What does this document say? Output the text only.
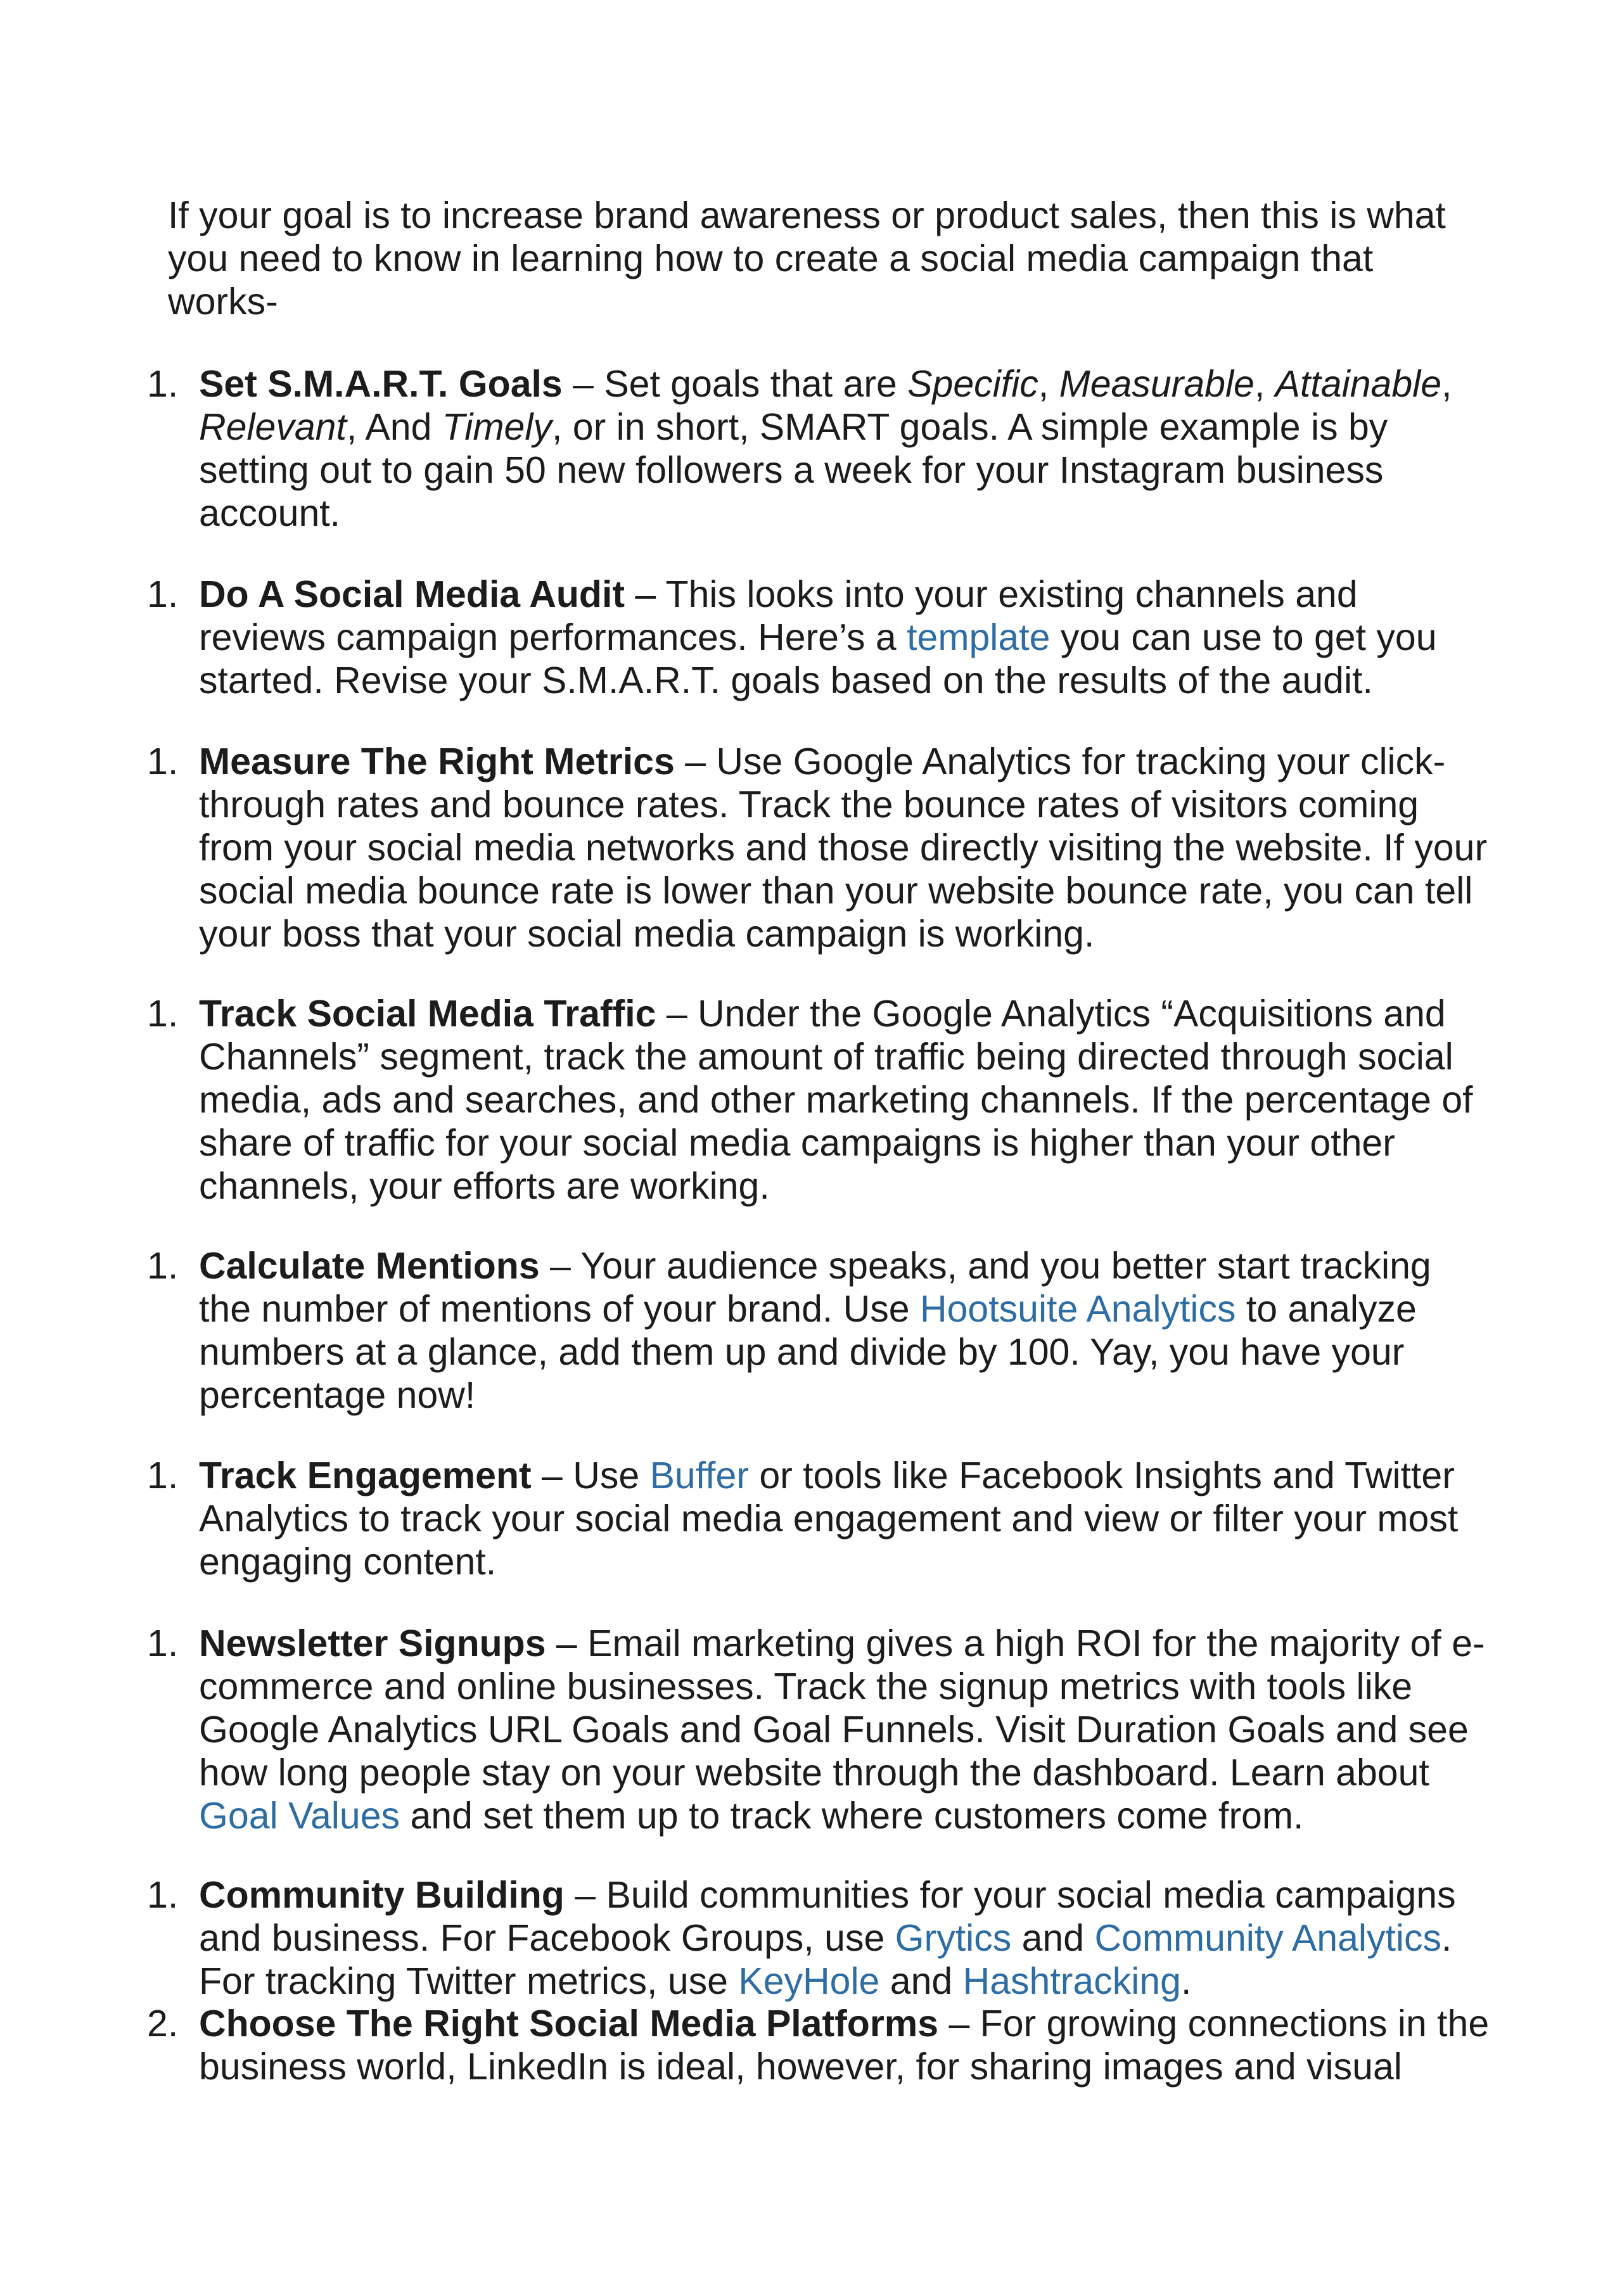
If your goal is to increase brand awareness or product sales, then this is what
you need to know in learning how to create a social media campaign that
works-

1. Set S.M.A.R.T. Goals – Set goals that are Specific, Measurable, Attainable, Relevant, And Timely, or in short, SMART goals. A simple example is by setting out to gain 50 new followers a week for your Instagram business account.
1. Do A Social Media Audit – This looks into your existing channels and reviews campaign performances. Here’s a template you can use to get you started. Revise your S.M.A.R.T. goals based on the results of the audit.
1. Measure The Right Metrics – Use Google Analytics for tracking your click-through rates and bounce rates. Track the bounce rates of visitors coming from your social media networks and those directly visiting the website. If your social media bounce rate is lower than your website bounce rate, you can tell your boss that your social media campaign is working.
1. Track Social Media Traffic – Under the Google Analytics “Acquisitions and Channels” segment, track the amount of traffic being directed through social media, ads and searches, and other marketing channels. If the percentage of share of traffic for your social media campaigns is higher than your other channels, your efforts are working.
1. Calculate Mentions – Your audience speaks, and you better start tracking the number of mentions of your brand. Use Hootsuite Analytics to analyze numbers at a glance, add them up and divide by 100. Yay, you have your percentage now!
1. Track Engagement – Use Buffer or tools like Facebook Insights and Twitter Analytics to track your social media engagement and view or filter your most engaging content.
1. Newsletter Signups – Email marketing gives a high ROI for the majority of e-commerce and online businesses. Track the signup metrics with tools like Google Analytics URL Goals and Goal Funnels. Visit Duration Goals and see how long people stay on your website through the dashboard. Learn about Goal Values and set them up to track where customers come from.
1. Community Building – Build communities for your social media campaigns and business. For Facebook Groups, use Grytics and Community Analytics. For tracking Twitter metrics, use KeyHole and Hashtracking.
2. Choose The Right Social Media Platforms – For growing connections in the business world, LinkedIn is ideal, however, for sharing images and visual
